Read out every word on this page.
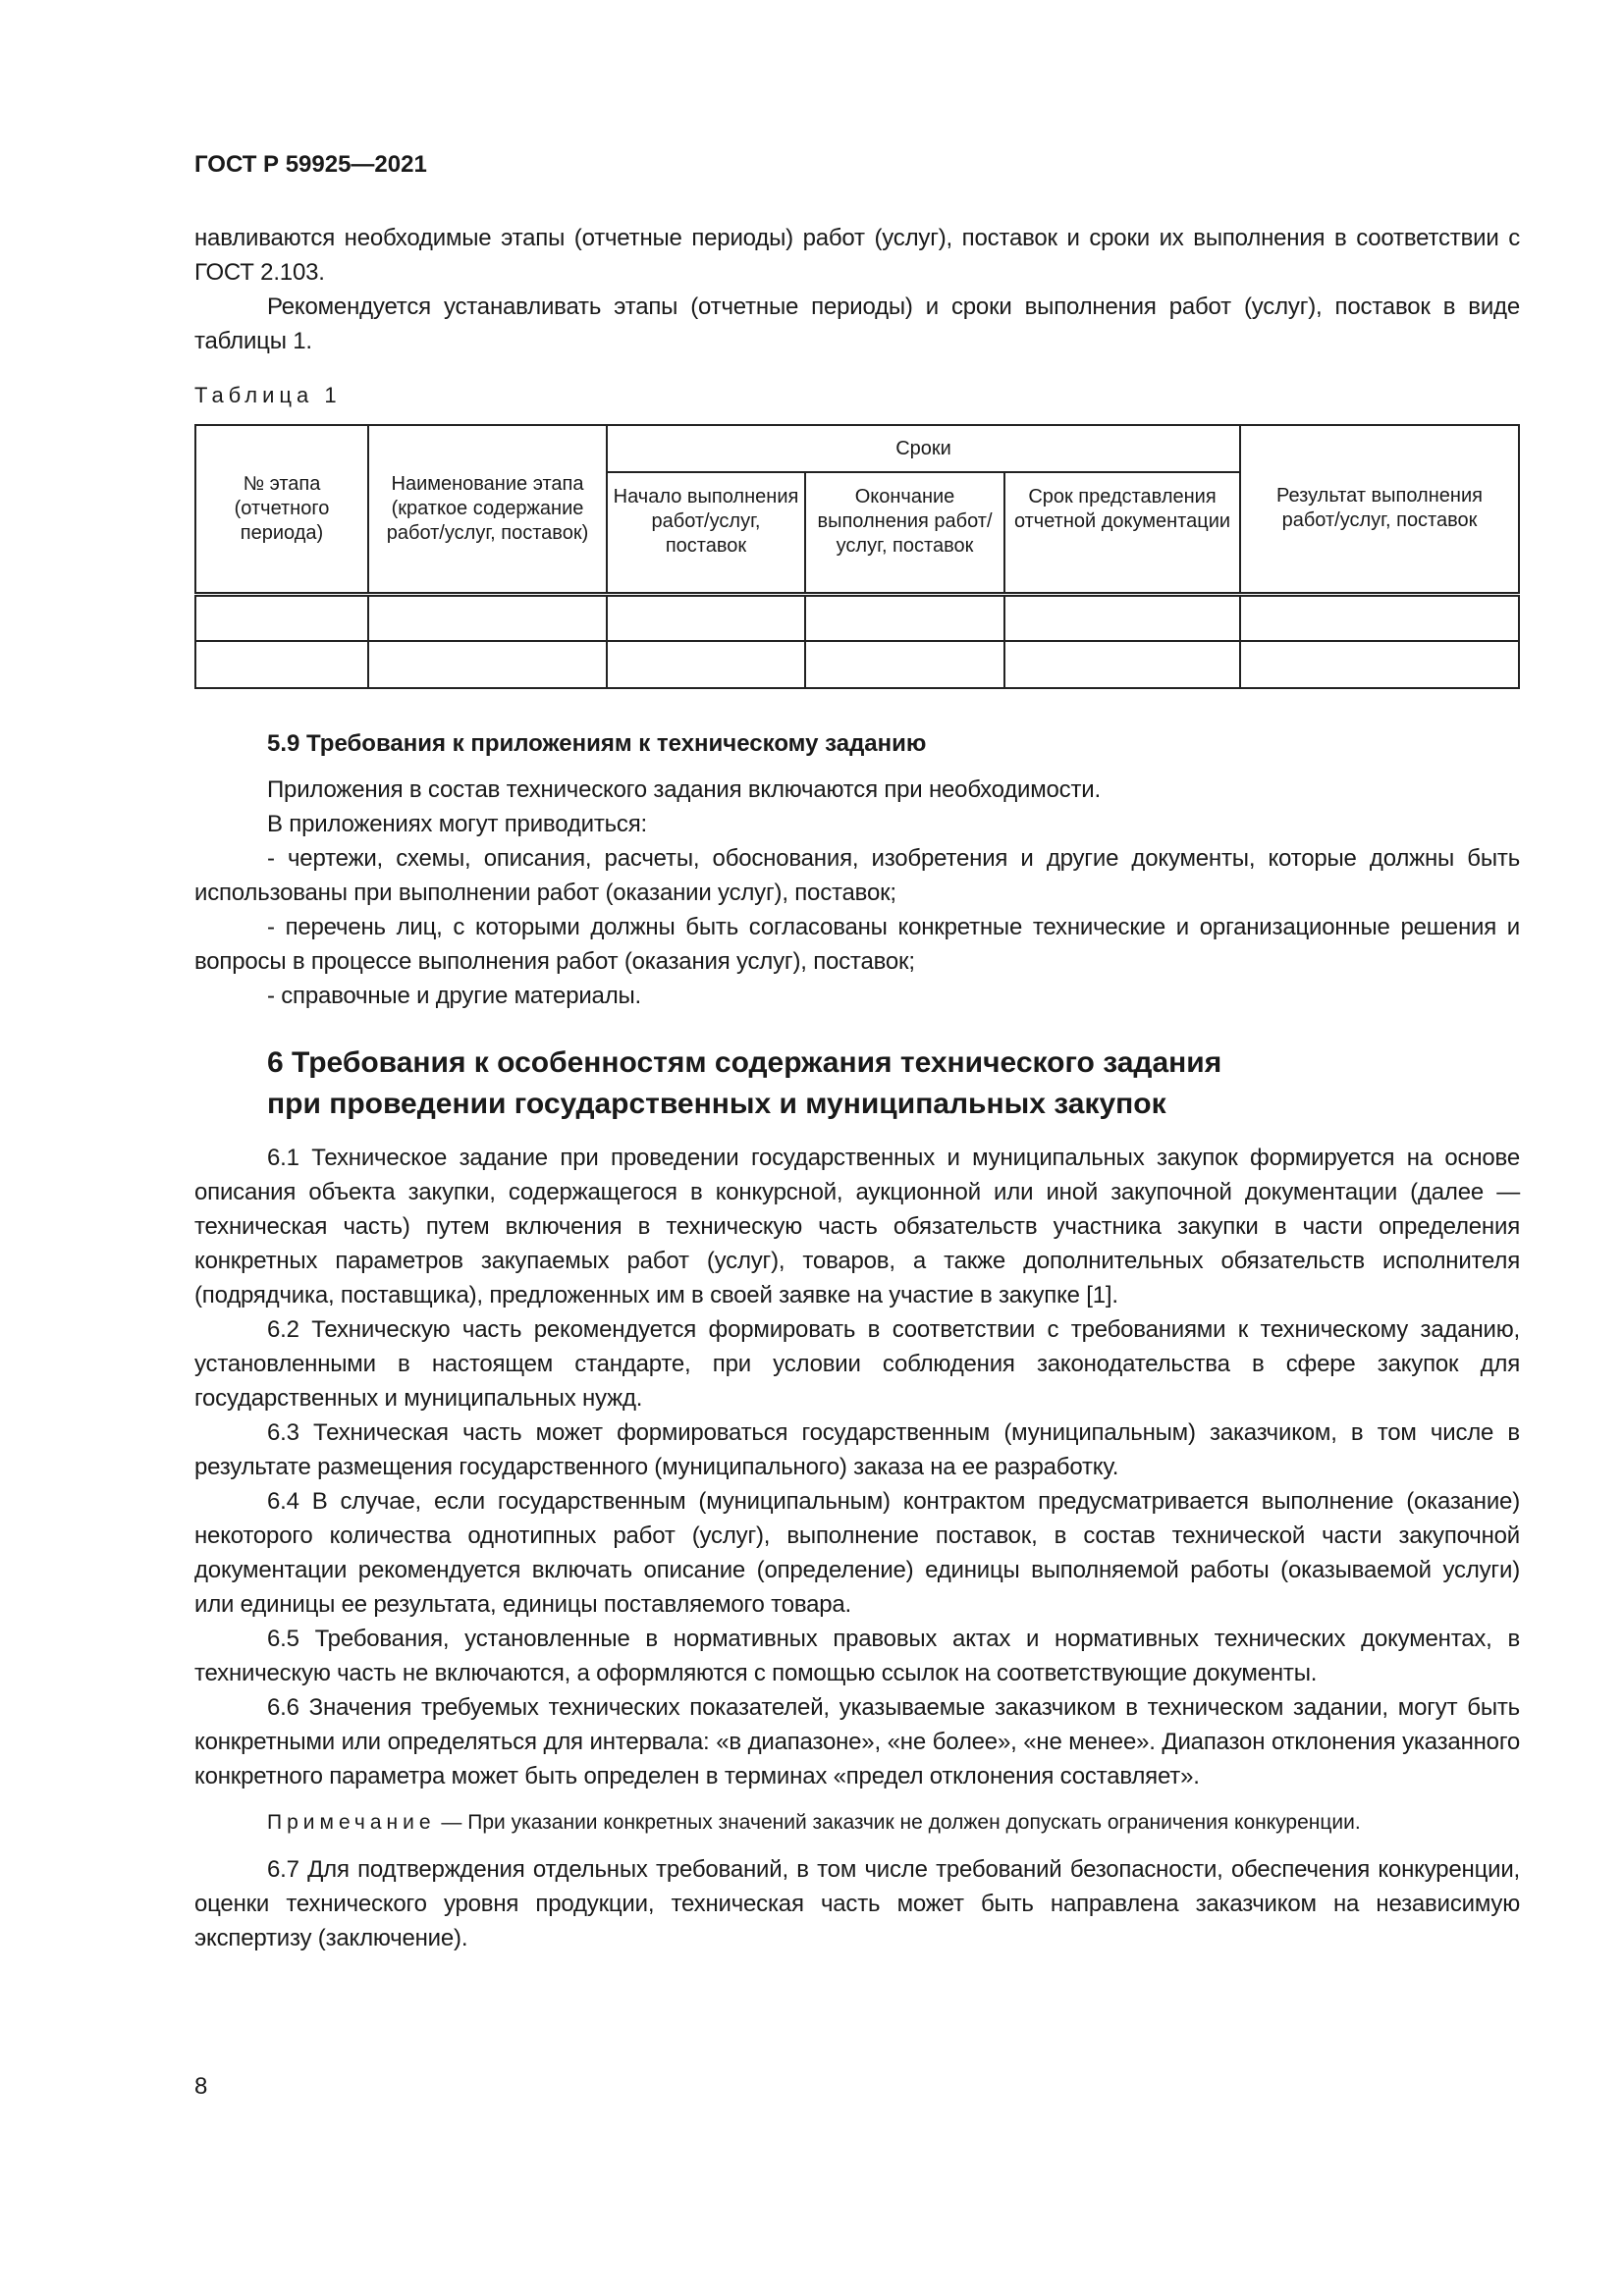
ГОСТ Р 59925—2021

навливаются необходимые этапы (отчетные периоды) работ (услуг), поставок и сроки их выполнения в соответствии с ГОСТ 2.103.

Рекомендуется устанавливать этапы (отчетные периоды) и сроки выполнения работ (услуг), поставок в виде таблицы 1.

Таблица 1
№ этапа (отчетного периода)	Наименование этапа (краткое содержание работ/услуг, поставок)	Сроки			Результат выполнения работ/услуг, поставок
		Начало выполнения работ/услуг, поставок	Окончание выполнения работ/услуг, поставок	Срок представления отчетной документации	

5.9 Требования к приложениям к техническому заданию

Приложения в состав технического задания включаются при необходимости.

В приложениях могут приводиться:

- чертежи, схемы, описания, расчеты, обоснования, изобретения и другие документы, которые должны быть использованы при выполнении работ (оказании услуг), поставок;

- перечень лиц, с которыми должны быть согласованы конкретные технические и организационные решения и вопросы в процессе выполнения работ (оказания услуг), поставок;

- справочные и другие материалы.

6 Требования к особенностям содержания технического задания

при проведении государственных и муниципальных закупок

6.1 Техническое задание при проведении государственных и муниципальных закупок формируется на основе описания объекта закупки, содержащегося в конкурсной, аукционной или иной закупочной документации (далее — техническая часть) путем включения в техническую часть обязательств участника закупки в части определения конкретных параметров закупаемых работ (услуг), товаров, а также дополнительных обязательств исполнителя (подрядчика, поставщика), предложенных им в своей заявке на участие в закупке [1].

6.2 Техническую часть рекомендуется формировать в соответствии с требованиями к техническому заданию, установленными в настоящем стандарте, при условии соблюдения законодательства в сфере закупок для государственных и муниципальных нужд.

6.3 Техническая часть может формироваться государственным (муниципальным) заказчиком, в том числе в результате размещения государственного (муниципального) заказа на ее разработку.

6.4 В случае, если государственным (муниципальным) контрактом предусматривается выполнение (оказание) некоторого количества однотипных работ (услуг), выполнение поставок, в состав технической части закупочной документации рекомендуется включать описание (определение) единицы выполняемой работы (оказываемой услуги) или единицы ее результата, единицы поставляемого товара.

6.5 Требования, установленные в нормативных правовых актах и нормативных технических документах, в техническую часть не включаются, а оформляются с помощью ссылок на соответствующие документы.

6.6 Значения требуемых технических показателей, указываемые заказчиком в техническом задании, могут быть конкретными или определяться для интервала: «в диапазоне», «не более», «не менее». Диапазон отклонения указанного конкретного параметра может быть определен в терминах «предел отклонения составляет».

Примечание — При указании конкретных значений заказчик не должен допускать ограничения конкуренции.

6.7 Для подтверждения отдельных требований, в том числе требований безопасности, обеспечения конкуренции, оценки технического уровня продукции, техническая часть может быть направлена заказчиком на независимую экспертизу (заключение).

8
